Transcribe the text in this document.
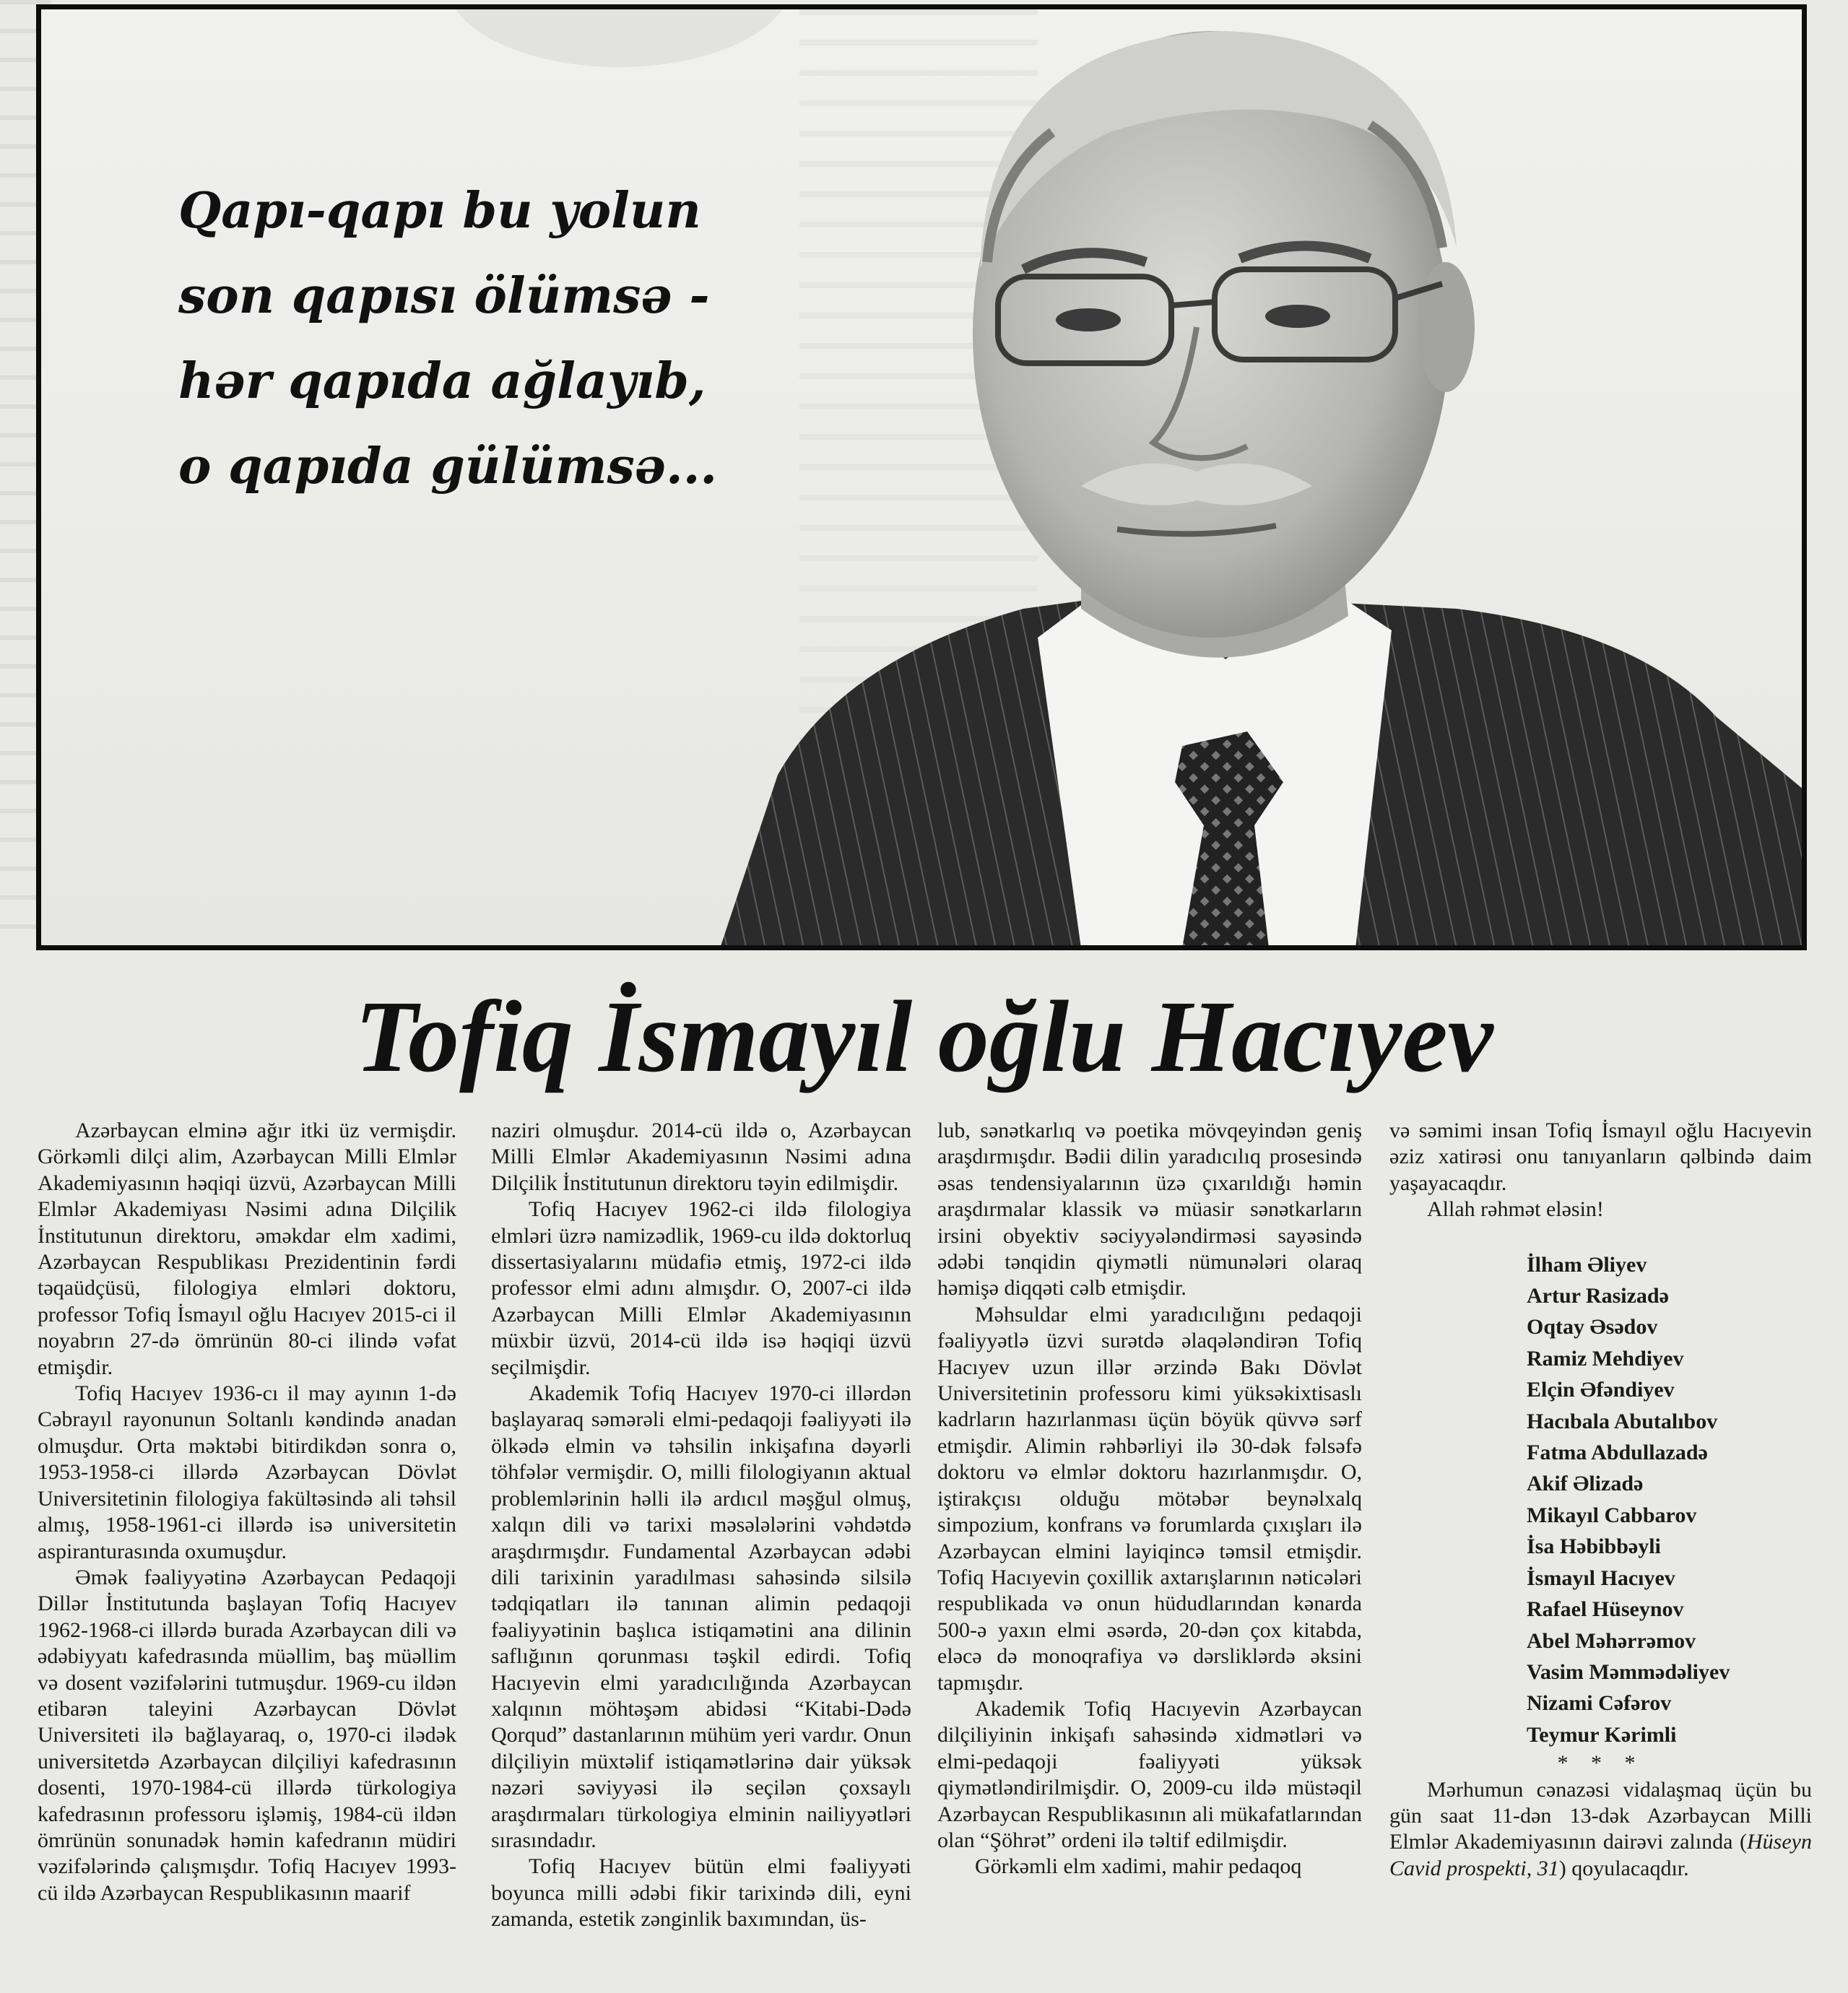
Qapı-qapı bu yolun
son qapısı ölümsə -
hər qapıda ağlayıb,
o qapıda gülümsə...

Tofiq İsmayıl oğlu Hacıyev

Azərbaycan elminə ağır itki üz vermişdir. Görkəmli dilçi alim, Azərbaycan Milli Elmlər Akademiyasının həqiqi üzvü, Azərbaycan Milli Elmlər Akademiyası Nəsimi adına Dilçilik İnstitutunun direktoru, əməkdar elm xadimi, Azərbaycan Respublikası Prezidentinin fərdi təqaüdçüsü, filologiya elmləri doktoru, professor Tofiq İsmayıl oğlu Hacıyev 2015-ci il noyabrın 27-də ömrünün 80-ci ilində vəfat etmişdir.

Tofiq Hacıyev 1936-cı il may ayının 1-də Cəbrayıl rayonunun Soltanlı kəndində anadan olmuşdur. Orta məktəbi bitirdikdən sonra o, 1953-1958-ci illərdə Azərbaycan Dövlət Universitetinin filologiya fakültəsində ali təhsil almış, 1958-1961-ci illərdə isə universitetin aspiranturasında oxumuşdur.

Əmək fəaliyyətinə Azərbaycan Pedaqoji Dillər İnstitutunda başlayan Tofiq Hacıyev 1962-1968-ci illərdə burada Azərbaycan dili və ədəbiyyatı kafedrasında müəllim, baş müəllim və dosent vəzifələrini tutmuşdur. 1969-cu ildən etibarən taleyini Azərbaycan Dövlət Universiteti ilə bağlayaraq, o, 1970-ci ilədək universitetdə Azərbaycan dilçiliyi kafedrasının dosenti, 1970-1984-cü illərdə türkologiya kafedrasının professoru işləmiş, 1984-cü ildən ömrünün sonunadək həmin kafedranın müdiri vəzifələrində çalışmışdır. Tofiq Hacıyev 1993-cü ildə Azərbaycan Respublikasının maarif

naziri olmuşdur. 2014-cü ildə o, Azərbaycan Milli Elmlər Akademiyasının Nəsimi adına Dilçilik İnstitutunun direktoru təyin edilmişdir.

Tofiq Hacıyev 1962-ci ildə filologiya elmləri üzrə namizədlik, 1969-cu ildə doktorluq dissertasiyalarını müdafiə etmiş, 1972-ci ildə professor elmi adını almışdır. O, 2007-ci ildə Azərbaycan Milli Elmlər Akademiyasının müxbir üzvü, 2014-cü ildə isə həqiqi üzvü seçilmişdir.

Akademik Tofiq Hacıyev 1970-ci illərdən başlayaraq səmərəli elmi-pedaqoji fəaliyyəti ilə ölkədə elmin və təhsilin inkişafına dəyərli töhfələr vermişdir. O, milli filologiyanın aktual problemlərinin həlli ilə ardıcıl məşğul olmuş, xalqın dili və tarixi məsələlərini vəhdətdə araşdırmışdır. Fundamental Azərbaycan ədəbi dili tarixinin yaradılması sahəsində silsilə tədqiqatları ilə tanınan alimin pedaqoji fəaliyyətinin başlıca istiqamətini ana dilinin saflığının qorunması təşkil edirdi. Tofiq Hacıyevin elmi yaradıcılığında Azərbaycan xalqının möhtəşəm abidəsi “Kitabi-Dədə Qorqud” dastanlarının mühüm yeri vardır. Onun dilçiliyin müxtəlif istiqamətlərinə dair yüksək nəzəri səviyyəsi ilə seçilən çoxsaylı araşdırmaları türkologiya elminin nailiyyətləri sırasındadır.

Tofiq Hacıyev bütün elmi fəaliyyəti boyunca milli ədəbi fikir tarixində dili, eyni zamanda, estetik zənginlik baxımından, üs-

lub, sənətkarlıq və poetika mövqeyindən geniş araşdırmışdır. Bədii dilin yaradıcılıq prosesində əsas tendensiyalarının üzə çıxarıldığı həmin araşdırmalar klassik və müasir sənətkarların irsini obyektiv səciyyələndirməsi sayəsində ədəbi tənqidin qiymətli nümunələri olaraq həmişə diqqəti cəlb etmişdir.

Məhsuldar elmi yaradıcılığını pedaqoji fəaliyyətlə üzvi surətdə əlaqələndirən Tofiq Hacıyev uzun illər ərzində Bakı Dövlət Universitetinin professoru kimi yüksəkixtisaslı kadrların hazırlanması üçün böyük qüvvə sərf etmişdir. Alimin rəhbərliyi ilə 30-dək fəlsəfə doktoru və elmlər doktoru hazırlanmışdır. O, iştirakçısı olduğu mötəbər beynəlxalq simpozium, konfrans və forumlarda çıxışları ilə Azərbaycan elmini layiqincə təmsil etmişdir. Tofiq Hacıyevin çoxillik axtarışlarının nəticələri respublikada və onun hüdudlarından kənarda 500-ə yaxın elmi əsərdə, 20-dən çox kitabda, eləcə də monoqrafiya və dərsliklərdə əksini tapmışdır.

Akademik Tofiq Hacıyevin Azərbaycan dilçiliyinin inkişafı sahəsində xidmətləri və elmi-pedaqoji fəaliyyəti yüksək qiymətləndirilmişdir. O, 2009-cu ildə müstəqil Azərbaycan Respublikasının ali mükafatlarından olan “Şöhrət” ordeni ilə təltif edilmişdir.

Görkəmli elm xadimi, mahir pedaqoq

və səmimi insan Tofiq İsmayıl oğlu Hacıyevin əziz xatirəsi onu tanıyanların qəlbində daim yaşayacaqdır.

Allah rəhmət eləsin!

İlham Əliyev
Artur Rasizadə
Oqtay Əsədov
Ramiz Mehdiyev
Elçin Əfəndiyev
Hacıbala Abutalıbov
Fatma Abdullazadə
Akif Əlizadə
Mikayıl Cabbarov
İsa Həbibbəyli
İsmayıl Hacıyev
Rafael Hüseynov
Abel Məhərrəmov
Vasim Məmmədəliyev
Nizami Cəfərov
Teymur Kərimli

* * *

Mərhumun cənazəsi vidalaşmaq üçün bu gün saat 11-dən 13-dək Azərbaycan Milli Elmlər Akademiyasının dairəvi zalında (Hüseyn Cavid prospekti, 31) qoyulacaqdır.
